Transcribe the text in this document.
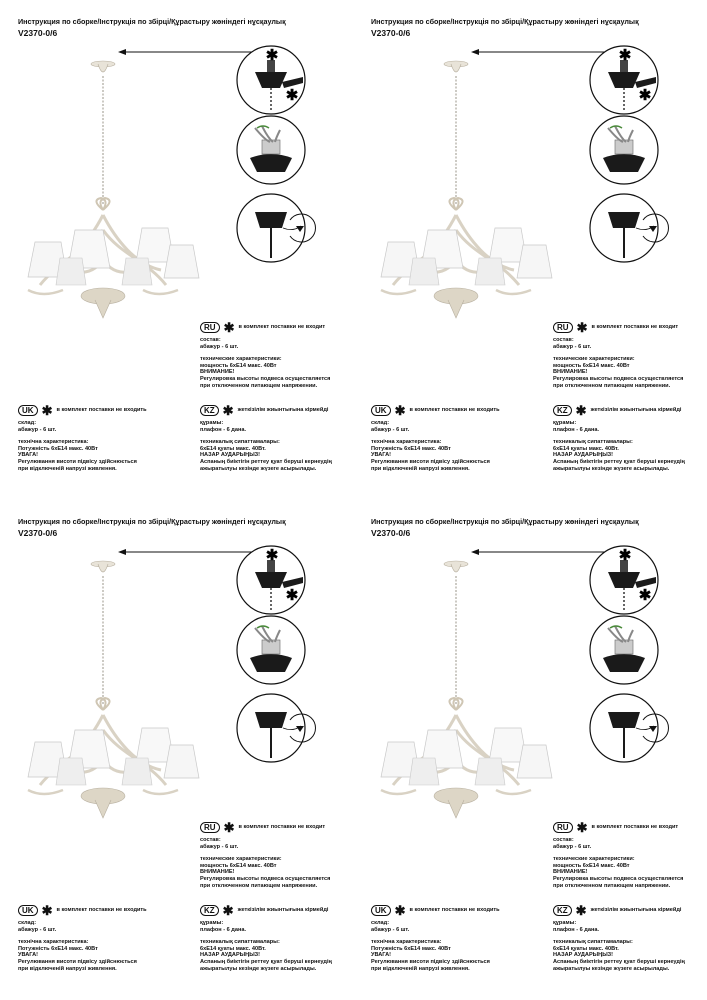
Инструкция по сборке/Інструкція по збірці/Құрастыру жөніндегі нұсқаулық
V2370-0/6
✱
✱
RU ✱ в комплект поставки не входит
состав:
абажур - 6 шт.
технические характеристики:
мощность 6хЕ14 макс. 40Вт
ВНИМАНИЕ!
Регулировка высоты подвеса осуществляется
при отключенном питающем напряжении.
UK ✱ в комплект поставки не входить
склад:
абажур - 6 шт.
технічна характеристика:
Потужність 6хЕ14 макс. 40Вт
УВАГА!
Регулювання висоти підвісу здійснюється
при відключеній напрузі живлення.
KZ ✱ жеткізілім жиынтығына кірмейді
құрамы:
плафон - 6 дана.
техникалық сипаттамалары:
6хЕ14 қуаты макс. 40Вт.
НАЗАР АУДАРЫҢЫЗ!
Аспаның биіктігін реттеу қуат беруші кернеудің
ажыратылуы кезінде жүзеге асырылады.
Инструкция по сборке/Інструкція по збірці/Құрастыру жөніндегі нұсқаулық
V2370-0/6
✱
✱
RU ✱ в комплект поставки не входит
состав:
абажур - 6 шт.
технические характеристики:
мощность 6хЕ14 макс. 40Вт
ВНИМАНИЕ!
Регулировка высоты подвеса осуществляется
при отключенном питающем напряжении.
UK ✱ в комплект поставки не входить
склад:
абажур - 6 шт.
технічна характеристика:
Потужність 6хЕ14 макс. 40Вт
УВАГА!
Регулювання висоти підвісу здійснюється
при відключеній напрузі живлення.
KZ ✱ жеткізілім жиынтығына кірмейді
құрамы:
плафон - 6 дана.
техникалық сипаттамалары:
6хЕ14 қуаты макс. 40Вт.
НАЗАР АУДАРЫҢЫЗ!
Аспаның биіктігін реттеу қуат беруші кернеудің
ажыратылуы кезінде жүзеге асырылады.
Инструкция по сборке/Інструкція по збірці/Құрастыру жөніндегі нұсқаулық
V2370-0/6
✱
✱
RU ✱ в комплект поставки не входит
состав:
абажур - 6 шт.
технические характеристики:
мощность 6хЕ14 макс. 40Вт
ВНИМАНИЕ!
Регулировка высоты подвеса осуществляется
при отключенном питающем напряжении.
UK ✱ в комплект поставки не входить
склад:
абажур - 6 шт.
технічна характеристика:
Потужність 6хЕ14 макс. 40Вт
УВАГА!
Регулювання висоти підвісу здійснюється
при відключеній напрузі живлення.
KZ ✱ жеткізілім жиынтығына кірмейді
құрамы:
плафон - 6 дана.
техникалық сипаттамалары:
6хЕ14 қуаты макс. 40Вт.
НАЗАР АУДАРЫҢЫЗ!
Аспаның биіктігін реттеу қуат беруші кернеудің
ажыратылуы кезінде жүзеге асырылады.
Инструкция по сборке/Інструкція по збірці/Құрастыру жөніндегі нұсқаулық
V2370-0/6
✱
✱
RU ✱ в комплект поставки не входит
состав:
абажур - 6 шт.
технические характеристики:
мощность 6хЕ14 макс. 40Вт
ВНИМАНИЕ!
Регулировка высоты подвеса осуществляется
при отключенном питающем напряжении.
UK ✱ в комплект поставки не входить
склад:
абажур - 6 шт.
технічна характеристика:
Потужність 6хЕ14 макс. 40Вт
УВАГА!
Регулювання висоти підвісу здійснюється
при відключеній напрузі живлення.
KZ ✱ жеткізілім жиынтығына кірмейді
құрамы:
плафон - 6 дана.
техникалық сипаттамалары:
6хЕ14 қуаты макс. 40Вт.
НАЗАР АУДАРЫҢЫЗ!
Аспаның биіктігін реттеу қуат беруші кернеудің
ажыратылуы кезінде жүзеге асырылады.
